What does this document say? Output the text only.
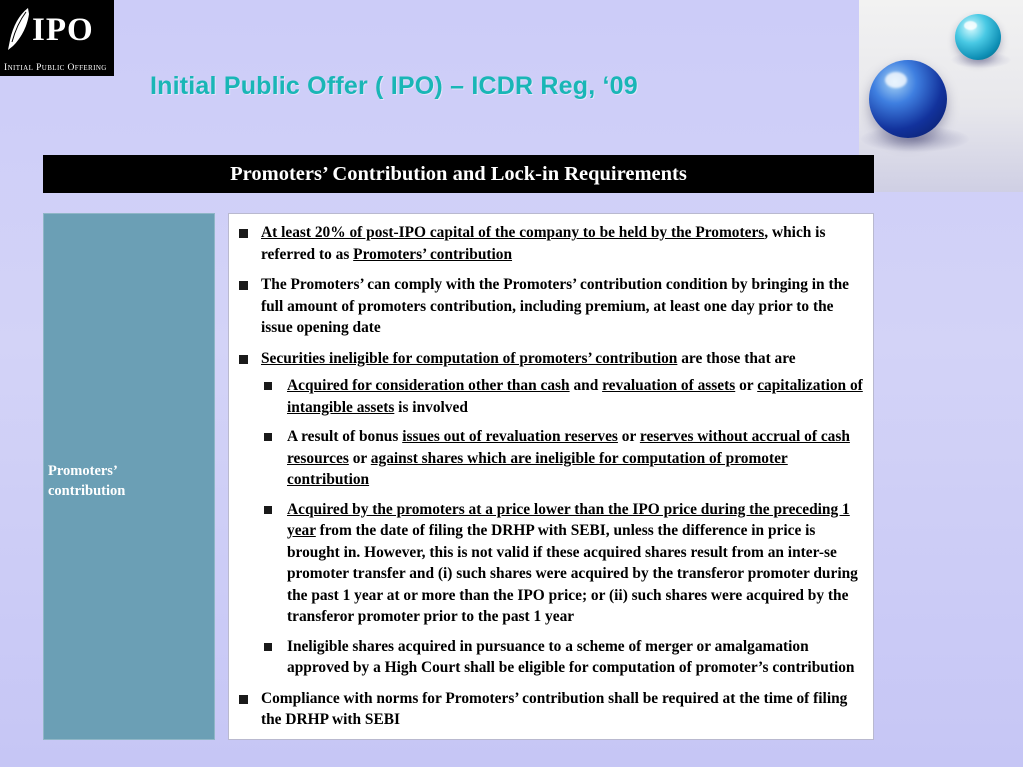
IPO
Initial Public Offering
Initial Public Offer ( IPO) – ICDR Reg, ‘09
Promoters’ Contribution and Lock-in Requirements
Promoters’
contribution
At least 20% of post-IPO capital of the company to be held by the Promoters, which is referred to as Promoters’ contribution
The Promoters’ can comply with the Promoters’ contribution condition by bringing in the full amount of promoters contribution, including premium, at least one day prior to the issue opening date
Securities ineligible for computation of promoters’ contribution are those that are
Acquired for consideration other than cash and revaluation of assets or capitalization of intangible assets is involved
A result of bonus issues out of revaluation reserves or reserves without accrual of cash resources or against shares which are ineligible for computation of promoter contribution
Acquired by the promoters at a price lower than the IPO price during the preceding 1 year from the date of filing the DRHP with SEBI, unless the difference in price is brought in. However, this is not valid if these acquired shares result from an inter-se promoter transfer and (i) such shares were acquired by the transferor promoter during the past 1 year at or more than the IPO price; or (ii) such shares were acquired by the transferor promoter prior to the past 1 year
Ineligible shares acquired in pursuance to a scheme of merger or amalgamation approved by a High Court shall be eligible for computation of promoter’s contribution
Compliance with norms for Promoters’ contribution shall be required at the time of filing the DRHP with SEBI
